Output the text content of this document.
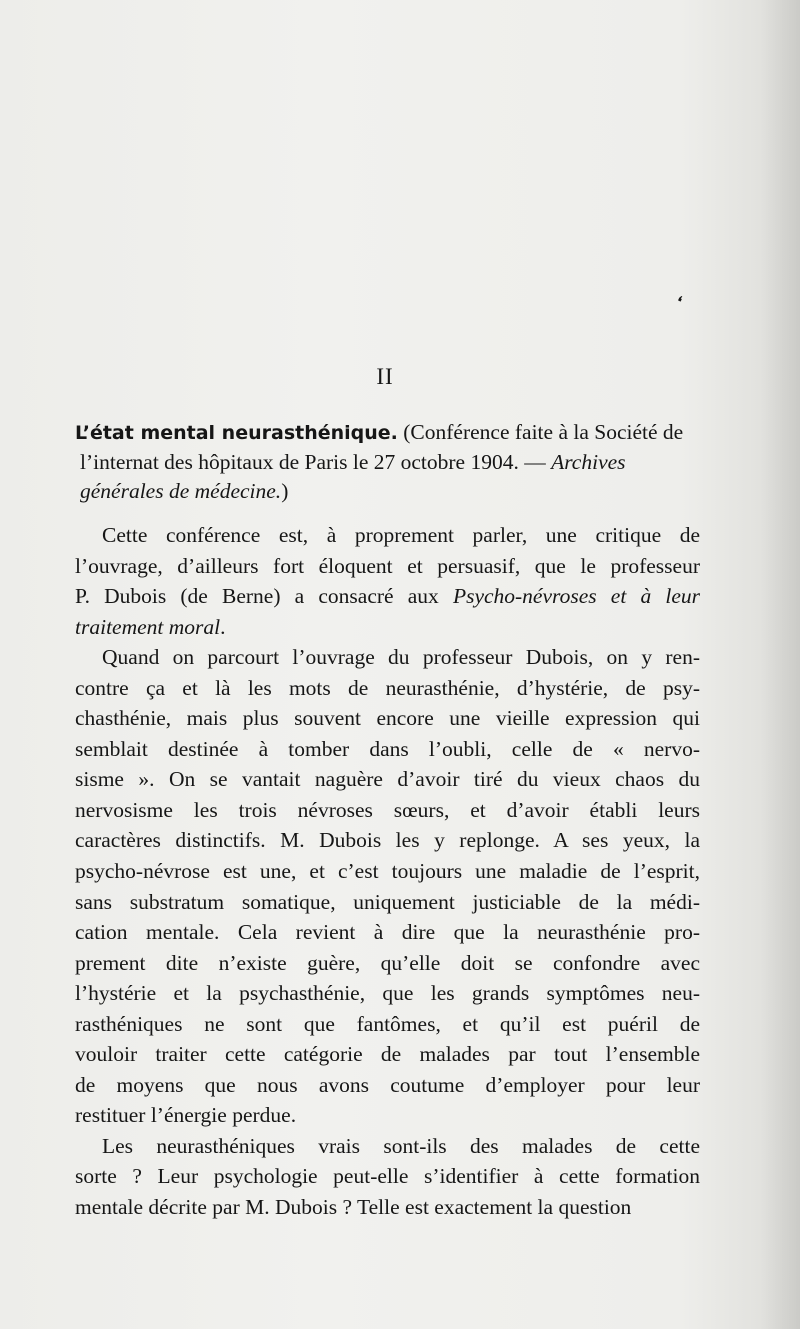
❛
II
L’état mental neurasthénique. (Conférence faite à la Société de
l’internat des hôpitaux de Paris le 27 octobre 1904. — Archives
générales de médecine.)
Cette conférence est, à proprement parler, une critique de
l’ouvrage, d’ailleurs fort éloquent et persuasif, que le professeur
P. Dubois (de Berne) a consacré aux Psycho-névroses et à leur
traitement moral.
Quand on parcourt l’ouvrage du professeur Dubois, on y ren-
contre ça et là les mots de neurasthénie, d’hystérie, de psy-
chasthénie, mais plus souvent encore une vieille expression qui
semblait destinée à tomber dans l’oubli, celle de « nervo-
sisme ». On se vantait naguère d’avoir tiré du vieux chaos du
nervosisme les trois névroses sœurs, et d’avoir établi leurs
caractères distinctifs. M. Dubois les y replonge. A ses yeux, la
psycho-névrose est une, et c’est toujours une maladie de l’esprit,
sans substratum somatique, uniquement justiciable de la médi-
cation mentale. Cela revient à dire que la neurasthénie pro-
prement dite n’existe guère, qu’elle doit se confondre avec
l’hystérie et la psychasthénie, que les grands symptômes neu-
rasthéniques ne sont que fantômes, et qu’il est puéril de
vouloir traiter cette catégorie de malades par tout l’ensemble
de moyens que nous avons coutume d’employer pour leur
restituer l’énergie perdue.
Les neurasthéniques vrais sont-ils des malades de cette
sorte ? Leur psychologie peut-elle s’identifier à cette formation
mentale décrite par M. Dubois ? Telle est exactement la question
